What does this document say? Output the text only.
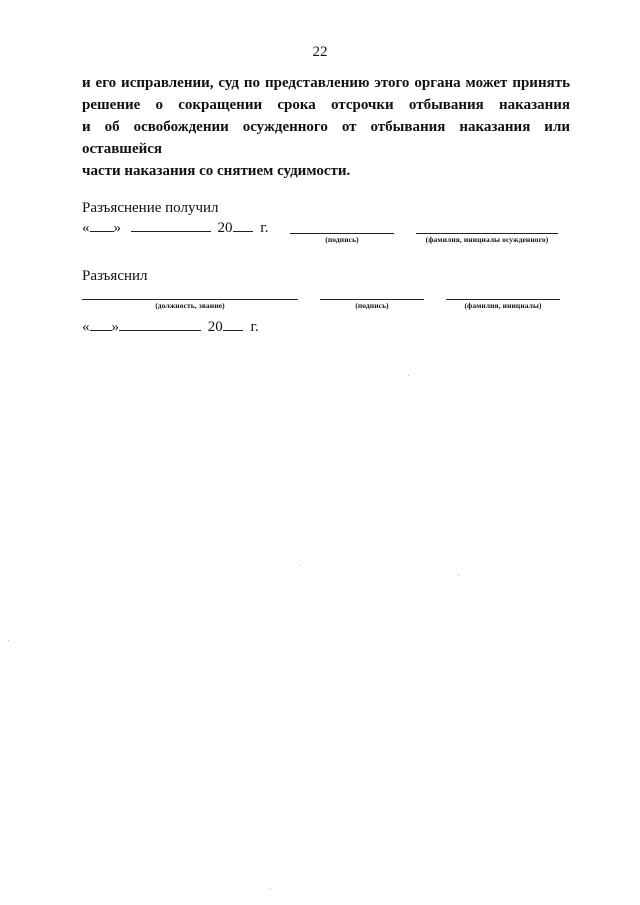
22
и его исправлении, суд по представлению этого органа может принять
решение о сокращении срока отсрочки отбывания наказания
и об освобождении осужденного от отбывания наказания или оставшейся
части наказания со снятием судимости.
Разъяснение получил
« »	20 г.
(подпись)	(фамилия, инициалы осужденного)
Разъяснил
(должность, звание)	(подпись)	(фамилия, инициалы)
« »	20 г.
